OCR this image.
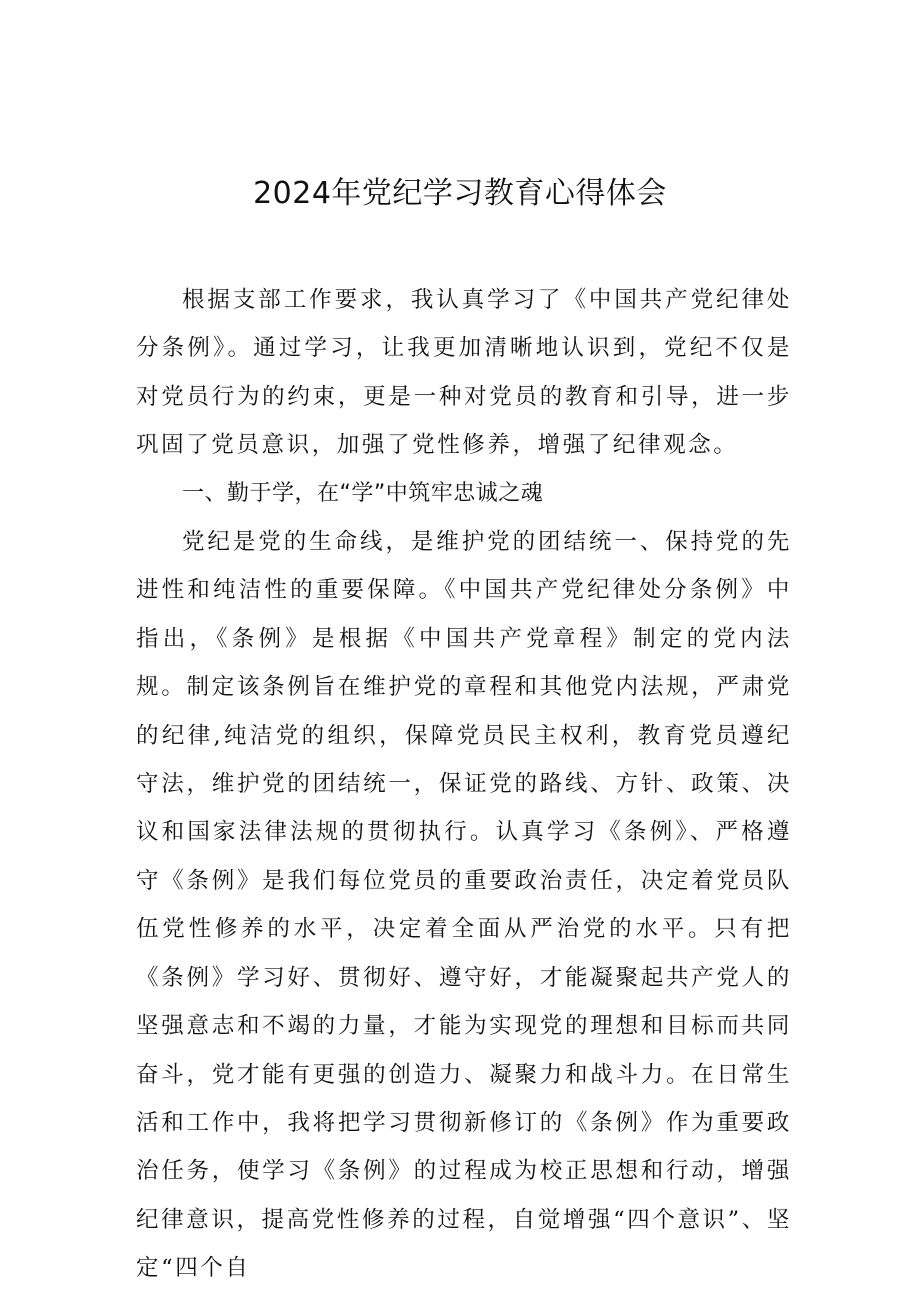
2024年党纪学习教育心得体会

根据支部工作要求，我认真学习了《中国共产党纪律处分条例》。通过学习，让我更加清晰地认识到，党纪不仅是对党员行为的约束，更是一种对党员的教育和引导，进一步巩固了党员意识，加强了党性修养，增强了纪律观念。

一、勤于学，在“学”中筑牢忠诚之魂

党纪是党的生命线，是维护党的团结统一、保持党的先进性和纯洁性的重要保障。《中国共产党纪律处分条例》中指出，《条例》是根据《中国共产党章程》制定的党内法规。制定该条例旨在维护党的章程和其他党内法规，严肃党的纪律,纯洁党的组织，保障党员民主权利，教育党员遵纪守法，维护党的团结统一，保证党的路线、方针、政策、决议和国家法律法规的贯彻执行。认真学习《条例》、严格遵守《条例》是我们每位党员的重要政治责任，决定着党员队伍党性修养的水平，决定着全面从严治党的水平。只有把《条例》学习好、贯彻好、遵守好，才能凝聚起共产党人的坚强意志和不竭的力量，才能为实现党的理想和目标而共同奋斗，党才能有更强的创造力、凝聚力和战斗力。在日常生活和工作中，我将把学习贯彻新修订的《条例》作为重要政治任务，使学习《条例》的过程成为校正思想和行动，增强纪律意识，提高党性修养的过程，自觉增强“四个意识”、坚定“四个自
